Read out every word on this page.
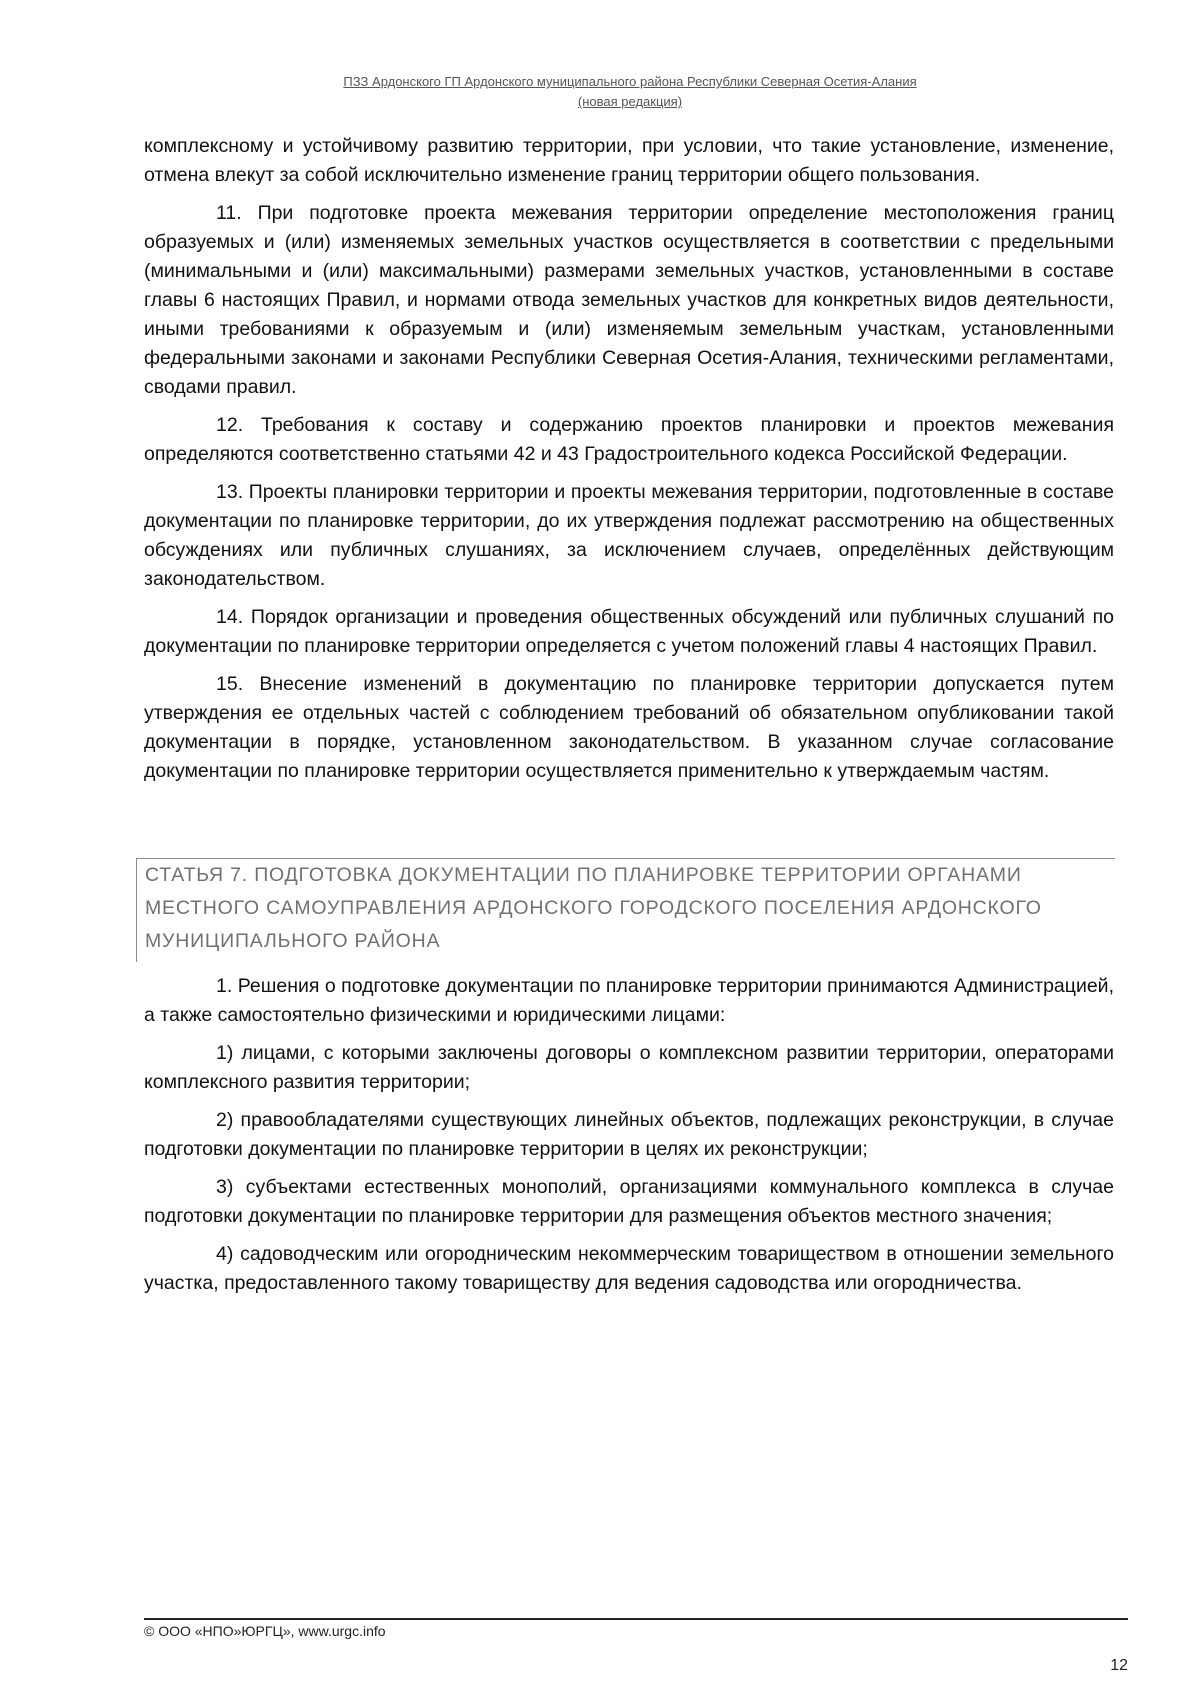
ПЗЗ Ардонского ГП Ардонского муниципального района Республики Северная Осетия-Алания
(новая редакция)

комплексному и устойчивому развитию территории, при условии, что такие установление, изменение, отмена влекут за собой исключительно изменение границ территории общего пользования.

11. При подготовке проекта межевания территории определение местоположения границ образуемых и (или) изменяемых земельных участков осуществляется в соответствии с предельными (минимальными и (или) максимальными) размерами земельных участков, установленными в составе главы 6 настоящих Правил, и нормами отвода земельных участков для конкретных видов деятельности, иными требованиями к образуемым и (или) изменяемым земельным участкам, установленными федеральными законами и законами Республики Северная Осетия-Алания, техническими регламентами, сводами правил.

12. Требования к составу и содержанию проектов планировки и проектов межевания определяются соответственно статьями 42 и 43 Градостроительного кодекса Российской Федерации.

13. Проекты планировки территории и проекты межевания территории, подготовленные в составе документации по планировке территории, до их утверждения подлежат рассмотрению на общественных обсуждениях или публичных слушаниях, за исключением случаев, определённых действующим законодательством.

14. Порядок организации и проведения общественных обсуждений или публичных слушаний по документации по планировке территории определяется с учетом положений главы 4 настоящих Правил.

15. Внесение изменений в документацию по планировке территории допускается путем утверждения ее отдельных частей с соблюдением требований об обязательном опубликовании такой документации в порядке, установленном законодательством. В указанном случае согласование документации по планировке территории осуществляется применительно к утверждаемым частям.

СТАТЬЯ 7. ПОДГОТОВКА ДОКУМЕНТАЦИИ ПО ПЛАНИРОВКЕ ТЕРРИТОРИИ ОРГАНАМИ МЕСТНОГО САМОУПРАВЛЕНИЯ АРДОНСКОГО ГОРОДСКОГО ПОСЕЛЕНИЯ АРДОНСКОГО МУНИЦИПАЛЬНОГО РАЙОНА

1. Решения о подготовке документации по планировке территории принимаются Администрацией, а также самостоятельно физическими и юридическими лицами:

1) лицами, с которыми заключены договоры о комплексном развитии территории, операторами комплексного развития территории;

2) правообладателями существующих линейных объектов, подлежащих реконструкции, в случае подготовки документации по планировке территории в целях их реконструкции;

3) субъектами естественных монополий, организациями коммунального комплекса в случае подготовки документации по планировке территории для размещения объектов местного значения;

4) садоводческим или огородническим некоммерческим товариществом в отношении земельного участка, предоставленного такому товариществу для ведения садоводства или огородничества.

© ООО «НПО»ЮРГЦ», www.urgc.info
12
